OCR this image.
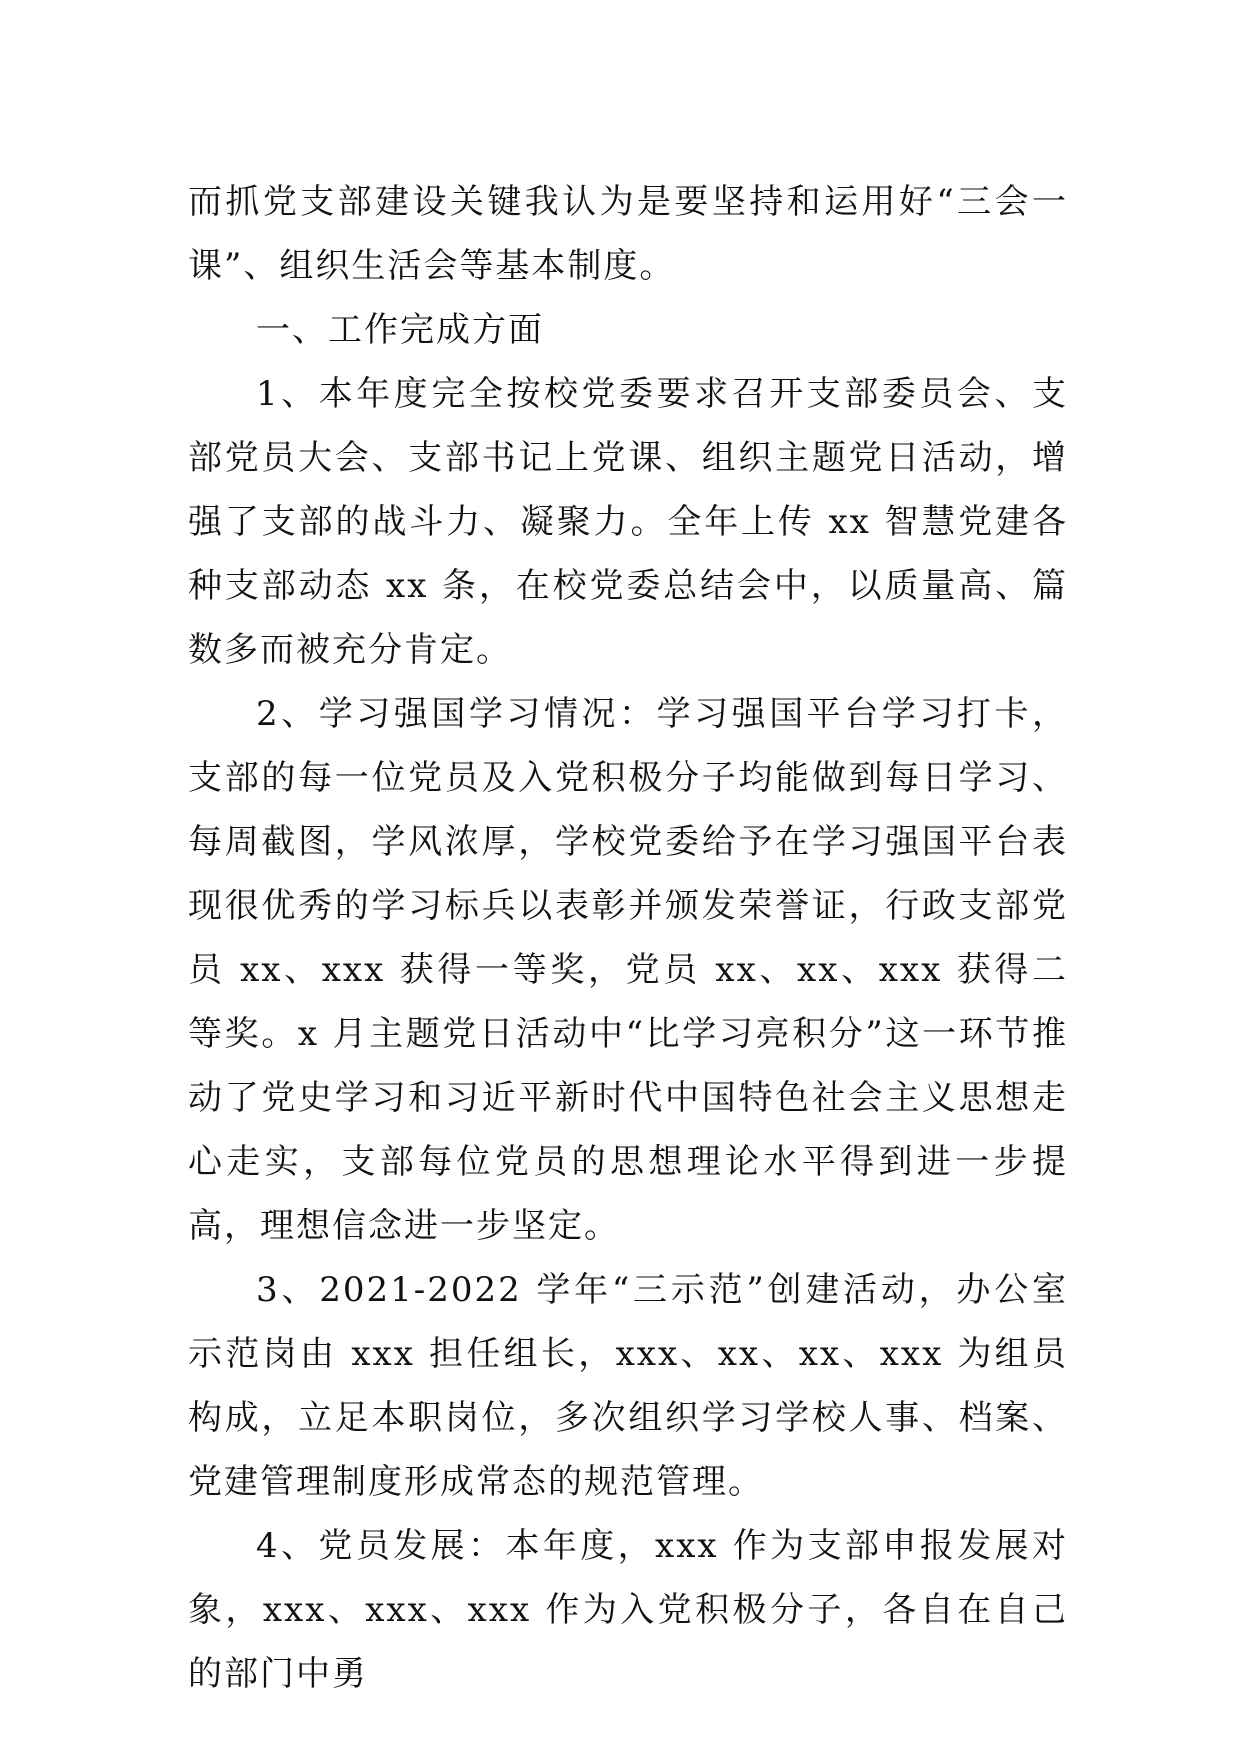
而抓党支部建设关键我认为是要坚持和运用好“三会一课”、组织生活会等基本制度。

一、工作完成方面

1、本年度完全按校党委要求召开支部委员会、支部党员大会、支部书记上党课、组织主题党日活动，增强了支部的战斗力、凝聚力。全年上传 xx 智慧党建各种支部动态 xx 条，在校党委总结会中，以质量高、篇数多而被充分肯定。

2、学习强国学习情况：学习强国平台学习打卡，支部的每一位党员及入党积极分子均能做到每日学习、每周截图，学风浓厚，学校党委给予在学习强国平台表现很优秀的学习标兵以表彰并颁发荣誉证，行政支部党员 xx、xxx 获得一等奖，党员 xx、xx、xxx 获得二等奖。x 月主题党日活动中“比学习亮积分”这一环节推动了党史学习和习近平新时代中国特色社会主义思想走心走实，支部每位党员的思想理论水平得到进一步提高，理想信念进一步坚定。

3、2021-2022 学年“三示范”创建活动，办公室示范岗由 xxx 担任组长，xxx、xx、xx、xxx 为组员构成，立足本职岗位，多次组织学习学校人事、档案、党建管理制度形成常态的规范管理。

4、党员发展：本年度，xxx 作为支部申报发展对象，xxx、xxx、xxx 作为入党积极分子，各自在自己的部门中勇
